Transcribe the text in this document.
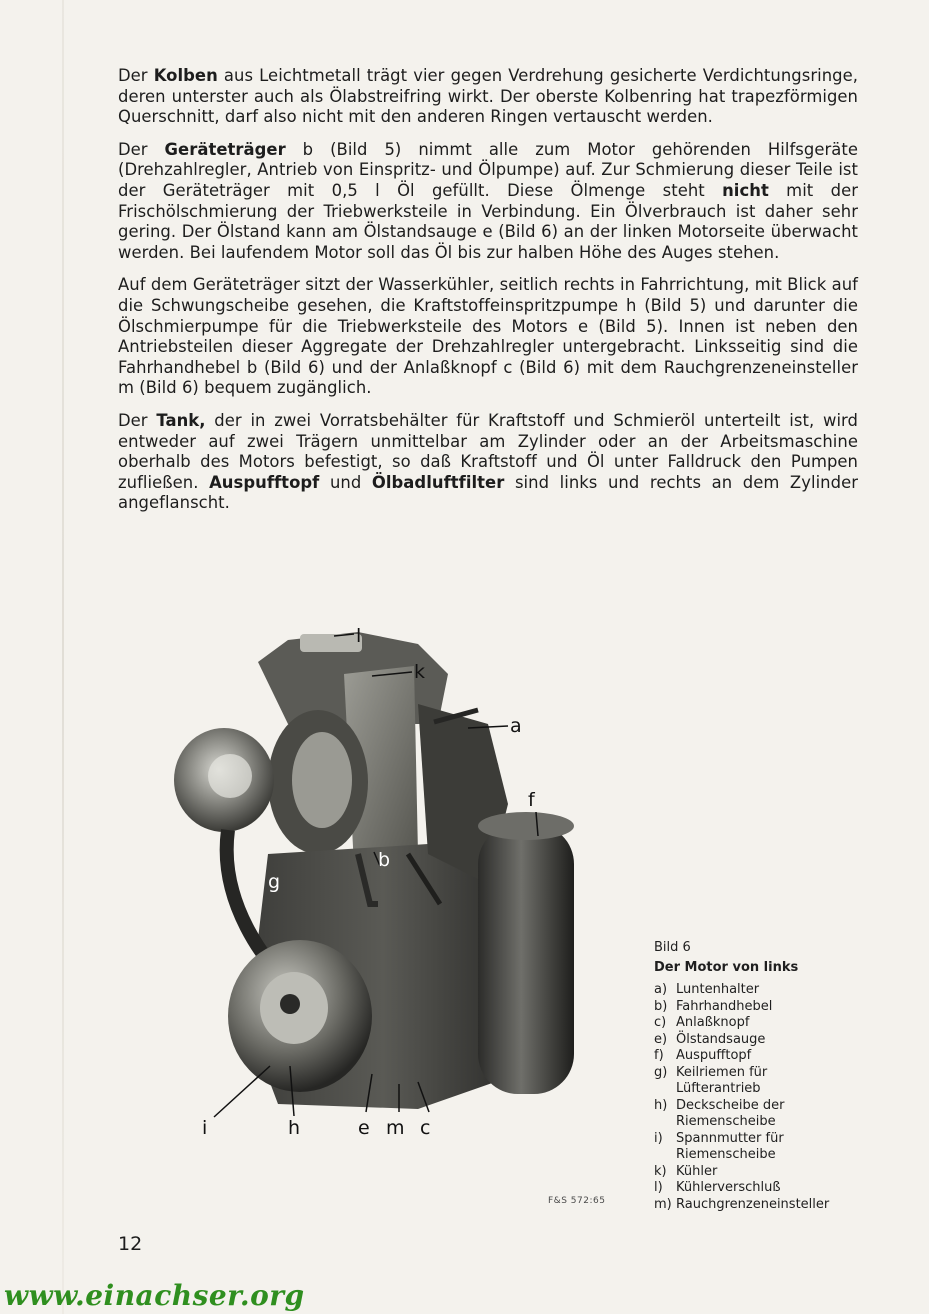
Der Kolben aus Leichtmetall trägt vier gegen Verdrehung gesicherte Verdichtungsringe, deren unterster auch als Ölabstreifring wirkt. Der oberste Kolbenring hat trapezförmigen Querschnitt, darf also nicht mit den anderen Ringen vertauscht werden.

Der Geräteträger b (Bild 5) nimmt alle zum Motor gehörenden Hilfsgeräte (Drehzahlregler, Antrieb von Einspritz- und Ölpumpe) auf. Zur Schmierung dieser Teile ist der Geräteträger mit 0,5 l Öl gefüllt. Diese Ölmenge steht nicht mit der Frischölschmierung der Triebwerksteile in Verbindung. Ein Ölverbrauch ist daher sehr gering. Der Ölstand kann am Ölstandsauge e (Bild 6) an der linken Motorseite überwacht werden. Bei laufendem Motor soll das Öl bis zur halben Höhe des Auges stehen.

Auf dem Geräteträger sitzt der Wasserkühler, seitlich rechts in Fahrrichtung, mit Blick auf die Schwungscheibe gesehen, die Kraftstoffeinspritzpumpe h (Bild 5) und darunter die Ölschmierpumpe für die Triebwerksteile des Motors e (Bild 5). Innen ist neben den Antriebsteilen dieser Aggregate der Drehzahlregler untergebracht. Linksseitig sind die Fahrhandhebel b (Bild 6) und der Anlaßknopf c (Bild 6) mit dem Rauchgrenzeneinsteller m (Bild 6) bequem zugänglich.

Der Tank, der in zwei Vorratsbehälter für Kraftstoff und Schmieröl unterteilt ist, wird entweder auf zwei Trägern unmittelbar am Zylinder oder an der Arbeitsmaschine oberhalb des Motors befestigt, so daß Kraftstoff und Öl unter Falldruck den Pumpen zufließen. Auspufftopf und Ölbadluftfilter sind links und rechts an dem Zylinder angeflanscht.

l
k
a
f
b
g
i	h	e m c

Bild 6

Der Motor von links

a) Luntenhalter
b) Fahrhandhebel
c) Anlaßknopf
e) Ölstandsauge
f) Auspufftopf
g) Keilriemen für
Lüfterantrieb
h) Deckscheibe der
Riemenscheibe
i)	Spannmutter für
Riemenscheibe
k) Kühler
l)	Kühlerverschluß
m) Rauchgrenzeneinsteller
F&S 572:65
12
www.einachser.org
